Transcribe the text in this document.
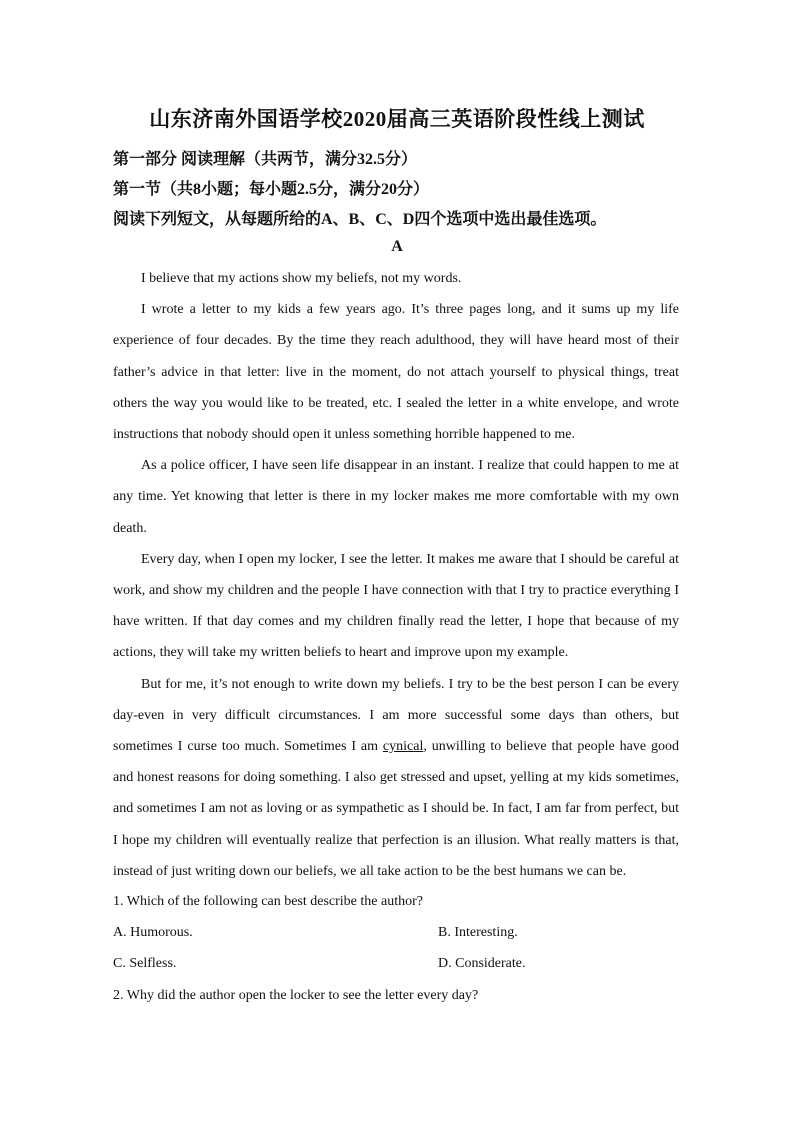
山东济南外国语学校2020届高三英语阶段性线上测试
第一部分 阅读理解（共两节，满分32.5分）
第一节（共8小题；每小题2.5分，满分20分）
阅读下列短文，从每题所给的A、B、C、D四个选项中选出最佳选项。
A

I believe that my actions show my beliefs, not my words.

I wrote a letter to my kids a few years ago. It’s three pages long, and it sums up my life experience of four decades. By the time they reach adulthood, they will have heard most of their father’s advice in that letter: live in the moment, do not attach yourself to physical things, treat others the way you would like to be treated, etc. I sealed the letter in a white envelope, and wrote instructions that nobody should open it unless something horrible happened to me.

As a police officer, I have seen life disappear in an instant. I realize that could happen to me at any time. Yet knowing that letter is there in my locker makes me more comfortable with my own death.

Every day, when I open my locker, I see the letter. It makes me aware that I should be careful at work, and show my children and the people I have connection with that I try to practice everything I have written. If that day comes and my children finally read the letter, I hope that because of my actions, they will take my written beliefs to heart and improve upon my example.

But for me, it’s not enough to write down my beliefs. I try to be the best person I can be every day-even in very difficult circumstances. I am more successful some days than others, but sometimes I curse too much. Sometimes I am cynical, unwilling to believe that people have good and honest reasons for doing something. I also get stressed and upset, yelling at my kids sometimes, and sometimes I am not as loving or as sympathetic as I should be. In fact, I am far from perfect, but I hope my children will eventually realize that perfection is an illusion. What really matters is that, instead of just writing down our beliefs, we all take action to be the best humans we can be.

1. Which of the following can best describe the author?
A. Humorous.	B. Interesting.
C. Selfless.	D. Considerate.
2. Why did the author open the locker to see the letter every day?
